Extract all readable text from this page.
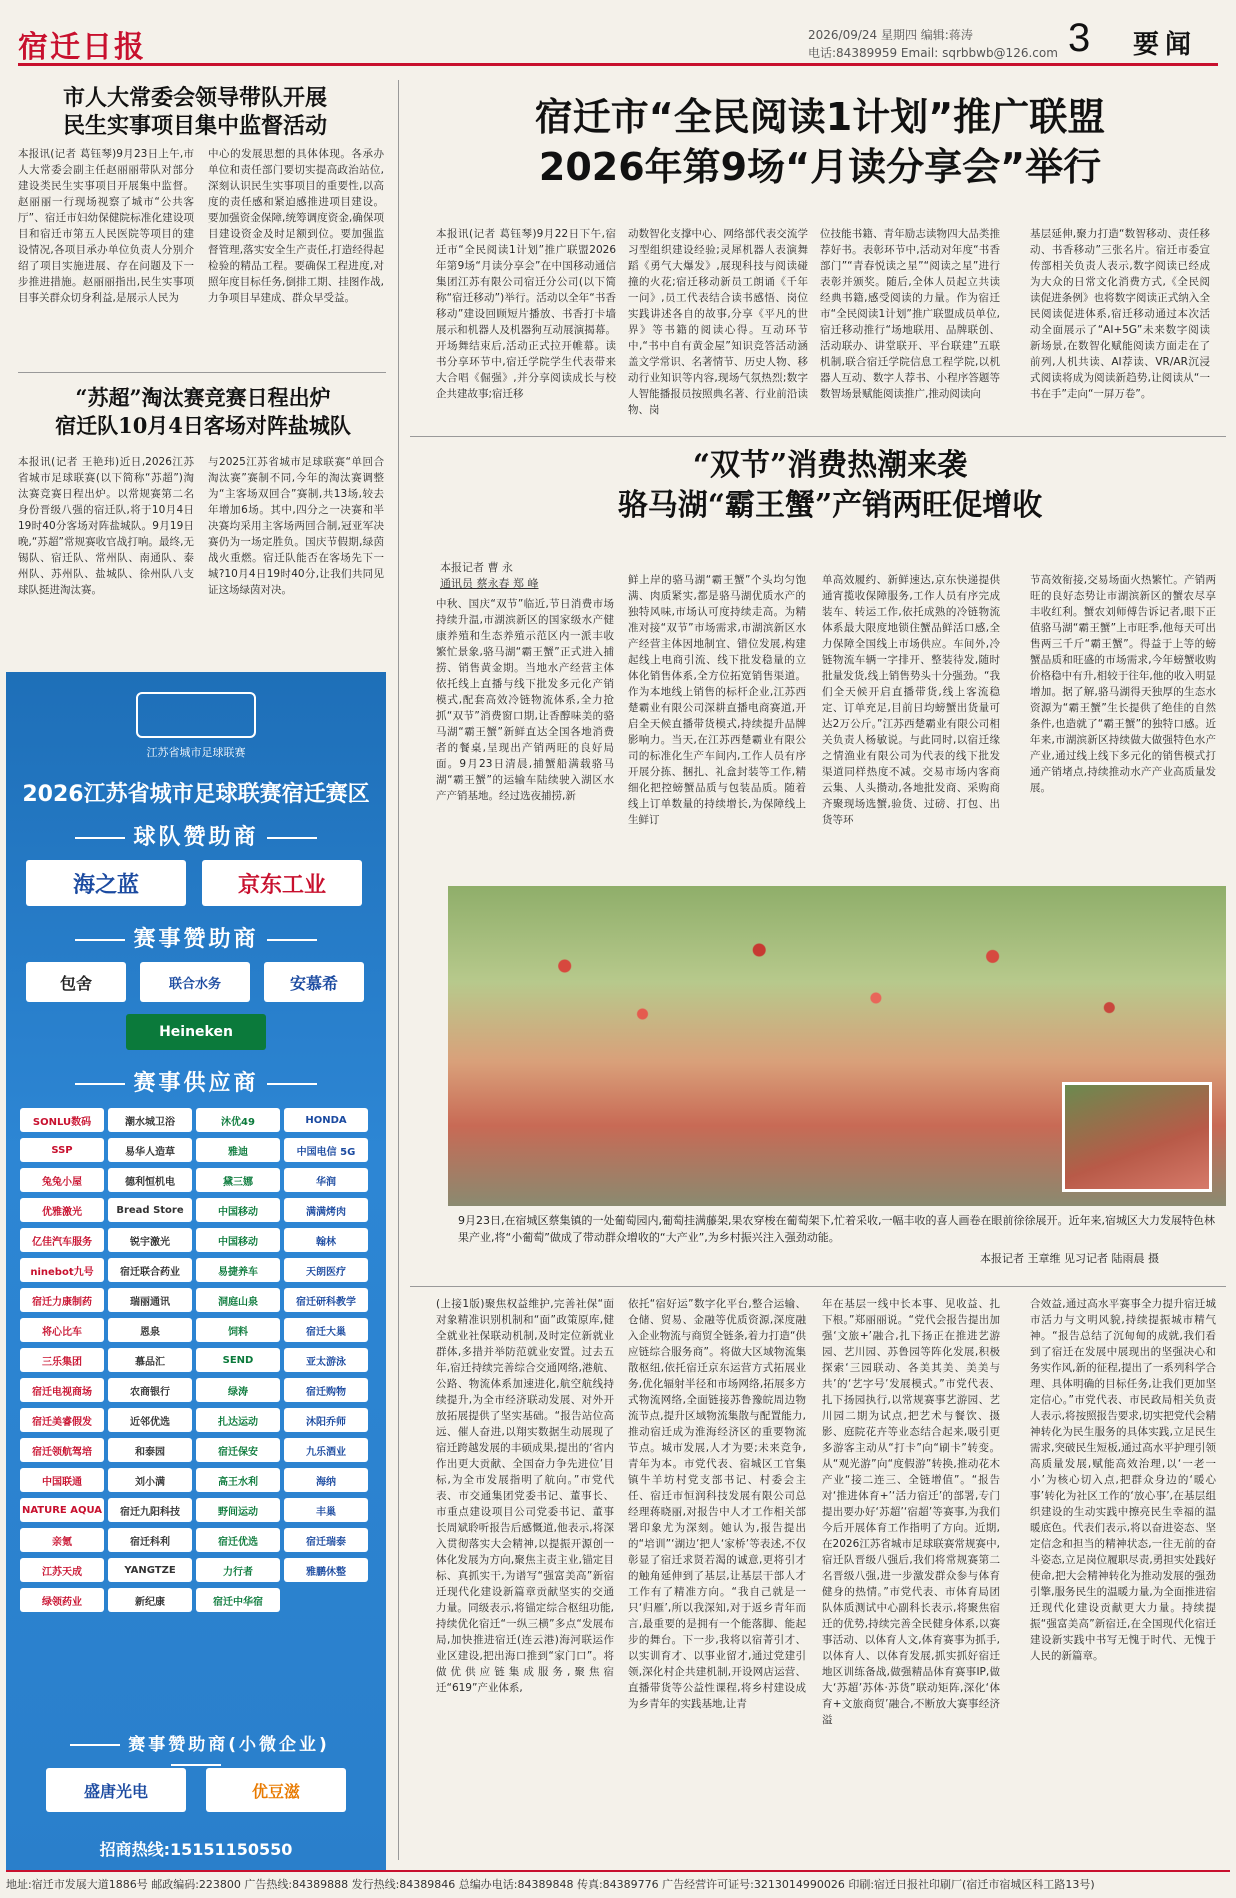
宿迁日报	2026/09/24 星期四 编辑:蒋涛
电话:84389959 Email: sqrbbwb@126.com 3 要闻
市人大常委会领导带队开展
民生实事项目集中监督活动
本报讯(记者 葛钰琴)9月23日上午,市人大常委会副主任赵丽丽带队对部分建设类民生实事项目开展集中监督。赵丽丽一行现场视察了城市“公共客厅”、宿迁市妇幼保健院标准化建设项目和宿迁市第五人民医院等项目的建设情况,各项目承办单位负责人分别介绍了项目实施进展、存在问题及下一步推进措施。赵丽丽指出,民生实事项目事关群众切身利益,是展示人民为
中心的发展思想的具体体现。各承办单位和责任部门要切实提高政治站位,深刻认识民生实事项目的重要性,以高度的责任感和紧迫感推进项目建设。要加强资金保障,统筹调度资金,确保项目建设资金及时足额到位。要加强监督管理,落实安全生产责任,打造经得起检验的精品工程。要确保工程进度,对照年度目标任务,倒排工期、挂图作战,力争项目早建成、群众早受益。
“苏超”淘汰赛竞赛日程出炉
宿迁队10月4日客场对阵盐城队
本报讯(记者 王艳玮)近日,2026江苏省城市足球联赛(以下简称“苏超”)淘汰赛竞赛日程出炉。以常规赛第二名身份晋级八强的宿迁队,将于10月4日19时40分客场对阵盐城队。9月19日晚,“苏超”常规赛收官战打响。最终,无锡队、宿迁队、常州队、南通队、泰州队、苏州队、盐城队、徐州队八支球队挺进淘汰赛。
与2025江苏省城市足球联赛“单回合淘汰赛”赛制不同,今年的淘汰赛调整为“主客场双回合”赛制,共13场,较去年增加6场。其中,四分之一决赛和半决赛均采用主客场两回合制,冠亚军决赛仍为一场定胜负。国庆节假期,绿茵战火重燃。宿迁队能否在客场先下一城?10月4日19时40分,让我们共同见证这场绿茵对决。
宿迁市“全民阅读1计划”推广联盟
2026年第9场“月读分享会”举行
本报讯(记者 葛钰琴)9月22日下午,宿迁市“全民阅读1计划”推广联盟2026年第9场“月读分享会”在中国移动通信集团江苏有限公司宿迁分公司(以下简称“宿迁移动”)举行。活动以全年“书香移动”建设回顾短片播放、书香打卡墙展示和机器人及机器狗互动展演揭幕。开场舞结束后,活动正式拉开帷幕。读书分享环节中,宿迁学院学生代表带来大合唱《倔强》,并分享阅读成长与校企共建故事;宿迁移
动数智化支撑中心、网络部代表交流学习型组织建设经验;灵犀机器人表演舞蹈《勇气大爆发》,展现科技与阅读碰撞的火花;宿迁移动新员工朗诵《千年一问》,员工代表结合读书感悟、岗位实践讲述各自的故事,分享《平凡的世界》等书籍的阅读心得。互动环节中,“书中自有黄金屋”知识竞答活动涵盖文学常识、名著情节、历史人物、移动行业知识等内容,现场气氛热烈;数字人智能播报员按照典名著、行业前沿读物、岗
位技能书籍、青年励志读物四大品类推荐好书。表彰环节中,活动对年度“书香部门”“青春悦读之星”“阅读之星”进行表彰并颁奖。随后,全体人员起立共读经典书籍,感受阅读的力量。作为宿迁市“全民阅读1计划”推广联盟成员单位,宿迁移动推行“场地联用、品牌联创、活动联办、讲堂联开、平台联建”五联机制,联合宿迁学院信息工程学院,以机器人互动、数字人荐书、小程序答题等数智场景赋能阅读推广,推动阅读向
基层延伸,聚力打造“数智移动、责任移动、书香移动”三张名片。宿迁市委宣传部相关负责人表示,数字阅读已经成为大众的日常文化消费方式,《全民阅读促进条例》也将数字阅读正式纳入全民阅读促进体系,宿迁移动通过本次活动全面展示了“AI+5G”未来数字阅读新场景,在数智化赋能阅读方面走在了前列,人机共读、AI荐读、VR/AR沉浸式阅读将成为阅读新趋势,让阅读从“一书在手”走向“一屏万卷”。
“双节”消费热潮来袭
骆马湖“霸王蟹”产销两旺促增收
本报记者 曹 永
通讯员 蔡永春 郑 峰
中秋、国庆“双节”临近,节日消费市场持续升温,市湖滨新区的国家级水产健康养殖和生态养殖示范区内一派丰收繁忙景象,骆马湖“霸王蟹”正式进入捕捞、销售黄金期。当地水产经营主体依托线上直播与线下批发多元化产销模式,配套高效冷链物流体系,全力抢抓“双节”消费窗口期,让香醇味美的骆马湖“霸王蟹”新鲜直达全国各地消费者的餐桌,呈现出产销两旺的良好局面。9月23日清晨,捕蟹船满载骆马湖“霸王蟹”的运输车陆续驶入湖区水产产销基地。经过选夜捕捞,新
鲜上岸的骆马湖“霸王蟹”个头均匀饱满、肉质紧实,都是骆马湖优质水产的独特风味,市场认可度持续走高。为精准对接“双节”市场需求,市湖滨新区水产经营主体因地制宜、错位发展,构建起线上电商引流、线下批发稳量的立体化销售体系,全方位拓宽销售渠道。作为本地线上销售的标杆企业,江苏西楚霸业有限公司深耕直播电商赛道,开启全天候直播带货模式,持续提升品牌影响力。当天,在江苏西楚霸业有限公司的标准化生产车间内,工作人员有序开展分拣、捆扎、礼盒封装等工作,精细化把控螃蟹品质与包装品质。随着线上订单数量的持续增长,为保障线上生鲜订
单高效履约、新鲜速达,京东快递提供通宵揽收保障服务,工作人员有序完成装车、转运工作,依托成熟的冷链物流体系最大限度地锁住蟹品鲜活口感,全力保障全国线上市场供应。车间外,冷链物流车辆一字排开、整装待发,随时批量发货,线上销售势头十分强劲。“我们全天候开启直播带货,线上客流稳定、订单充足,目前日均螃蟹出货量可达2万公斤。”江苏西楚霸业有限公司相关负责人杨敏说。与此同时,以宿迁缘之情渔业有限公司为代表的线下批发渠道同样热度不减。交易市场内客商云集、人头攒动,各地批发商、采购商齐聚现场选蟹,验货、过磅、打包、出货等环
节高效衔接,交易场面火热繁忙。产销两旺的良好态势让市湖滨新区的蟹农尽享丰收红利。蟹农刘师傅告诉记者,眼下正值骆马湖“霸王蟹”上市旺季,他每天可出售两三千斤“霸王蟹”。得益于上等的螃蟹品质和旺盛的市场需求,今年螃蟹收购价格稳中有升,相较于往年,他的收入明显增加。据了解,骆马湖得天独厚的生态水资源为“霸王蟹”生长提供了绝佳的自然条件,也造就了“霸王蟹”的独特口感。近年来,市湖滨新区持续做大做强特色水产产业,通过线上线下多元化的销售模式打通产销堵点,持续推动水产产业高质量发展。
9月23日,在宿城区蔡集镇的一处葡萄园内,葡萄挂满藤架,果农穿梭在葡萄架下,忙着采收,一幅丰收的喜人画卷在眼前徐徐展开。近年来,宿城区大力发展特色林果产业,将“小葡萄”做成了带动群众增收的“大产业”,为乡村振兴注入强劲动能。
本报记者 王章维 见习记者 陆雨晨 摄
(上接1版)聚焦权益维护,完善社保“面对象精准识别机制和“面”政策原库,健全就业社保联动机制,及时定位新就业群体,多措并举防范就业安置。过去五年,宿迁持续完善综合交通网络,港航、公路、物流体系加速进化,航空航线持续提升,为全市经济联动发展、对外开放拓展提供了坚实基础。“报告站位高远、催人奋进,以翔实数据生动展现了宿迁跨越发展的丰硕成果,提出的‘省内作出更大贡献、全国奋力争先进位’目标,为全市发展指明了航向。”市党代表、市交通集团党委书记、董事长、市重点建设项目公司党委书记、董事长周斌聆听报告后感慨道,他表示,将深入贯彻落实大会精神,以提振开源创一体化发展为方向,聚焦主责主业,锚定目标、真抓实干,为谱写“强富美高”新宿迁现代化建设新篇章贡献坚实的交通力量。同级表示,将锚定综合枢纽功能,持续优化宿迁“一纵三横”多点“发展布局,加快推进宿迁(连云港)海河联运作业区建设,把出海口推到“家门口”。将做优供应链集成服务,聚焦宿迁“619”产业体系,
依托“宿好运”数字化平台,整合运输、仓储、贸易、金融等优质资源,深度融入企业物流与商贸全链条,着力打造“供应链综合服务商”。将做大区域物流集散枢纽,依托宿迁京东运营方式拓展业务,优化辐射半径和市场网络,拓展多方式物流网络,全面链接苏鲁豫皖周边物流节点,提升区域物流集散与配置能力,推动宿迁成为淮海经济区的重要物流节点。城市发展,人才为要;未来竞争,青年为本。市党代表、宿城区工官集镇牛羊坊村党支部书记、村委会主任、宿迁市恒润科技发展有限公司总经理蒋晓丽,对报告中人才工作相关部署印象尤为深刻。她认为,报告提出的“培训”‘湖边’把人‘家桥’等表述,不仅彰显了宿迁求贤若渴的诚意,更将引才的触角延伸到了基层,让基层干部人才工作有了精准方向。“我自己就是一只‘归雁’,所以我深知,对于返乡青年而言,最重要的是拥有一个能落脚、能起步的舞台。下一步,我将以宿菁引才、以实训育才、以事业留才,通过党建引领,深化村企共建机制,开设网店运营、直播带货等公益性课程,将乡村建设成为乡青年的实践基地,让青
年在基层一线中长本事、见收益、扎下根。”郑丽丽说。“党代会报告提出加强‘文旅+’融合,扎下扬正在推进艺游园、艺川园、苏鲁园等阵化发展,积极探索‘三园联动、各美其美、美美与共’的‘艺字号’发展模式。”市党代表、扎下扬园执行,以常规赛事艺游园、艺川园二期为试点,把艺术与餐饮、摄影、庭院花卉等业态结合起来,吸引更多游客主动从“打卡”向“刷卡”转变。从“观光游”向“度假游”转换,推动花木产业“接二连三、全链增值”。“报告对‘推进体育+’‘活力宿迁’的部署,专门提出要办好‘苏超’‘宿超’等赛事,为我们今后开展体育工作指明了方向。近期,在2026江苏省城市足球联赛常规赛中,宿迁队晋级八强后,我们将常规赛第二名晋级八强,进一步激发群众参与体育健身的热情。”市党代表、市体育局团队体质测试中心副科长表示,将聚焦宿迁的优势,持续完善全民健身体系,以赛事活动、以体育人文,体育赛事为抓手,以体育人、以体育发展,抓实抓好宿迁地区训练备战,做强精品体育赛事IP,做大‘苏超’苏体·苏货”联动矩阵,深化‘体育+文旅商贸’融合,不断放大赛事经济溢
合效益,通过高水平赛事全力提升宿迁城市活力与文明风貌,持续提振城市精气神。“报告总结了沉甸甸的成就,我们看到了宿迁在发展中展现出的坚强决心和务实作风,新的征程,提出了一系列科学合理、具体明确的目标任务,让我们更加坚定信心。”市党代表、市民政局相关负责人表示,将按照报告要求,切实把党代会精神转化为民生服务的具体实践,立足民生需求,突破民生短板,通过高水平护理引领高质量发展,赋能高效治理,以‘一老一小’为核心切入点,把群众身边的‘暖心事’转化为社区工作的‘放心事’,在基层组织建设的生动实践中擦亮民生幸福的温暖底色。代表们表示,将以奋进姿态、坚定信念和担当的精神状态,一往无前的奋斗姿态,立足岗位履职尽责,勇担实处践好使命,把大会精神转化为推动发展的强劲引擎,服务民生的温暖力量,为全面推进宿迁现代化建设贡献更大力量。持续提振“强富美高”新宿迁,在全国现代化宿迁建设新实践中书写无愧于时代、无愧于人民的新篇章。
江苏省城市足球联赛
2026江苏省城市足球联赛宿迁赛区
球队赞助商
海之蓝	京东工业
赛事赞助商
包舍	联合水务	安慕希
Heineken
赛事供应商
赛事赞助商(小微企业)
盛唐光电	优豆滋
招商热线:15151150550
SONLU数码	潮水城卫浴	沐优49	HONDA
SSP	易华人造草	雅迪	中国电信 5G
兔兔小屋	德利恒机电	黛三娜	华润
优雅激光	Bread Store	中国移动	满满烤肉
亿佳汽车服务	锐宇激光	中国移动	翰林
ninebot九号	宿迁联合药业	易捷养车	天朗医疗
宿迁力康制药	瑞丽通讯	洞庭山泉	宿迁研科教学
将心比车	恩泉	饲料	宿迁大巢
三乐集团	慕品汇	SEND	亚太游泳
宿迁电视商场	农商银行	绿涛	宿迁购物
宿迁美睿假发	近邻优选	扎达运动	沐阳乔师
宿迁领航驾培	和泰园	宿迁保安	九乐酒业
中国联通	刘小满	高王水利	海纳
NATURE AQUA	宿迁九阳科技	野间运动	丰巢
亲氪	宿迁科利	宿迁优选	宿迁瑞泰
江苏天成	YANGTZE	力行者	雅鹏休整
绿领药业	新纪康	宿迁中华宿
地址:宿迁市发展大道1886号 邮政编码:223800 广告热线:84389888 发行热线:84389846 总编办电话:84389848 传真:84389776 广告经营许可证号:3213014990026 印刷:宿迁日报社印刷厂(宿迁市宿城区科工路13号)
